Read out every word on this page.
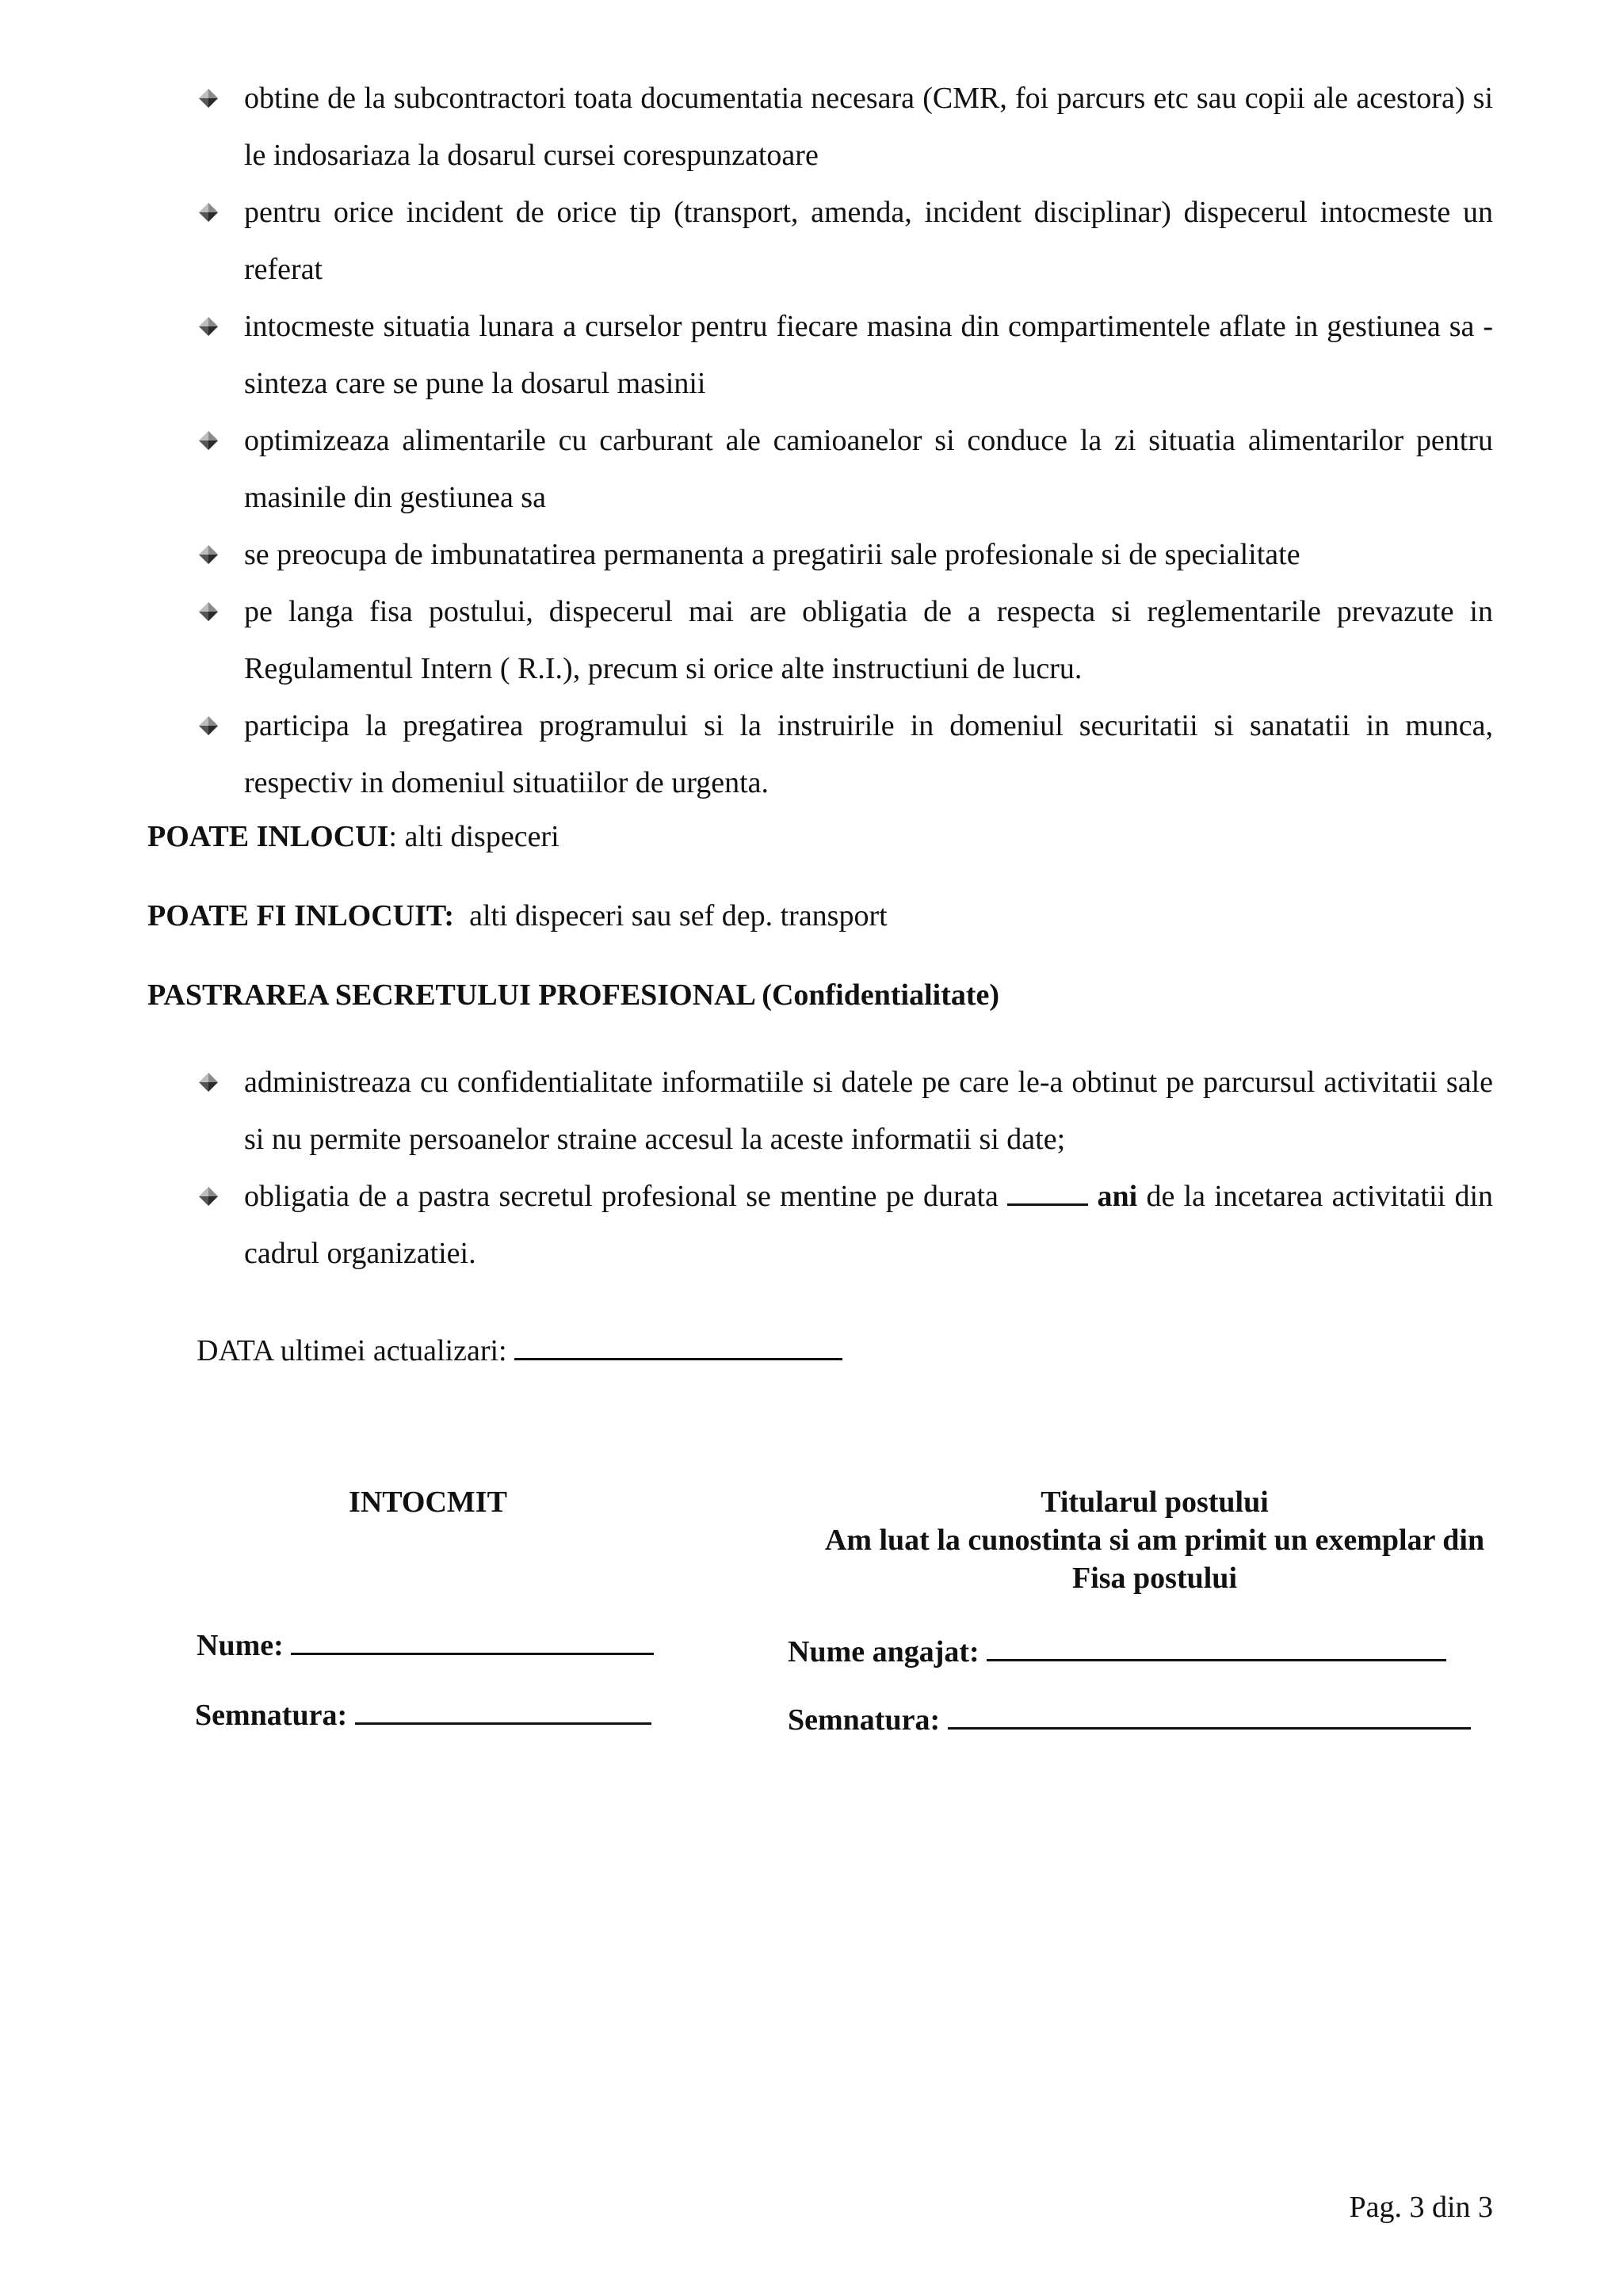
obtine de la subcontractori toata documentatia necesara (CMR, foi parcurs etc sau copii ale acestora) si le indosariaza la dosarul cursei corespunzatoare
pentru orice incident de orice tip (transport, amenda, incident disciplinar) dispecerul intocmeste un referat
intocmeste situatia lunara a curselor pentru fiecare masina din compartimentele aflate in gestiunea sa - sinteza care se pune la dosarul masinii
optimizeaza alimentarile cu carburant ale camioanelor si conduce la zi situatia alimentarilor pentru masinile din gestiunea sa
se preocupa de imbunatatirea permanenta a pregatirii sale profesionale si de specialitate
pe langa fisa postului, dispecerul mai are obligatia de a respecta si reglementarile prevazute in Regulamentul Intern ( R.I.), precum si orice alte instructiuni de lucru.
participa la pregatirea programului si la instruirile in domeniul securitatii si sanatatii in munca, respectiv in domeniul situatiilor de urgenta.
POATE INLOCUI: alti dispeceri
POATE FI INLOCUIT: alti dispeceri sau sef dep. transport
PASTRAREA SECRETULUI PROFESIONAL (Confidentialitate)
administreaza cu confidentialitate informatiile si datele pe care le-a obtinut pe parcursul activitatii sale si nu permite persoanelor straine accesul la aceste informatii si date;
obligatia de a pastra secretul profesional se mentine pe durata	ani de la incetarea activitatii din cadrul organizatiei.
DATA ultimei actualizari:
INTOCMIT	Titularul postului
Am luat la cunostinta si am primit un exemplar din
Fisa postului
Nume:
Semnatura:
Nume angajat:
Semnatura:
Pag. 3 din 3
